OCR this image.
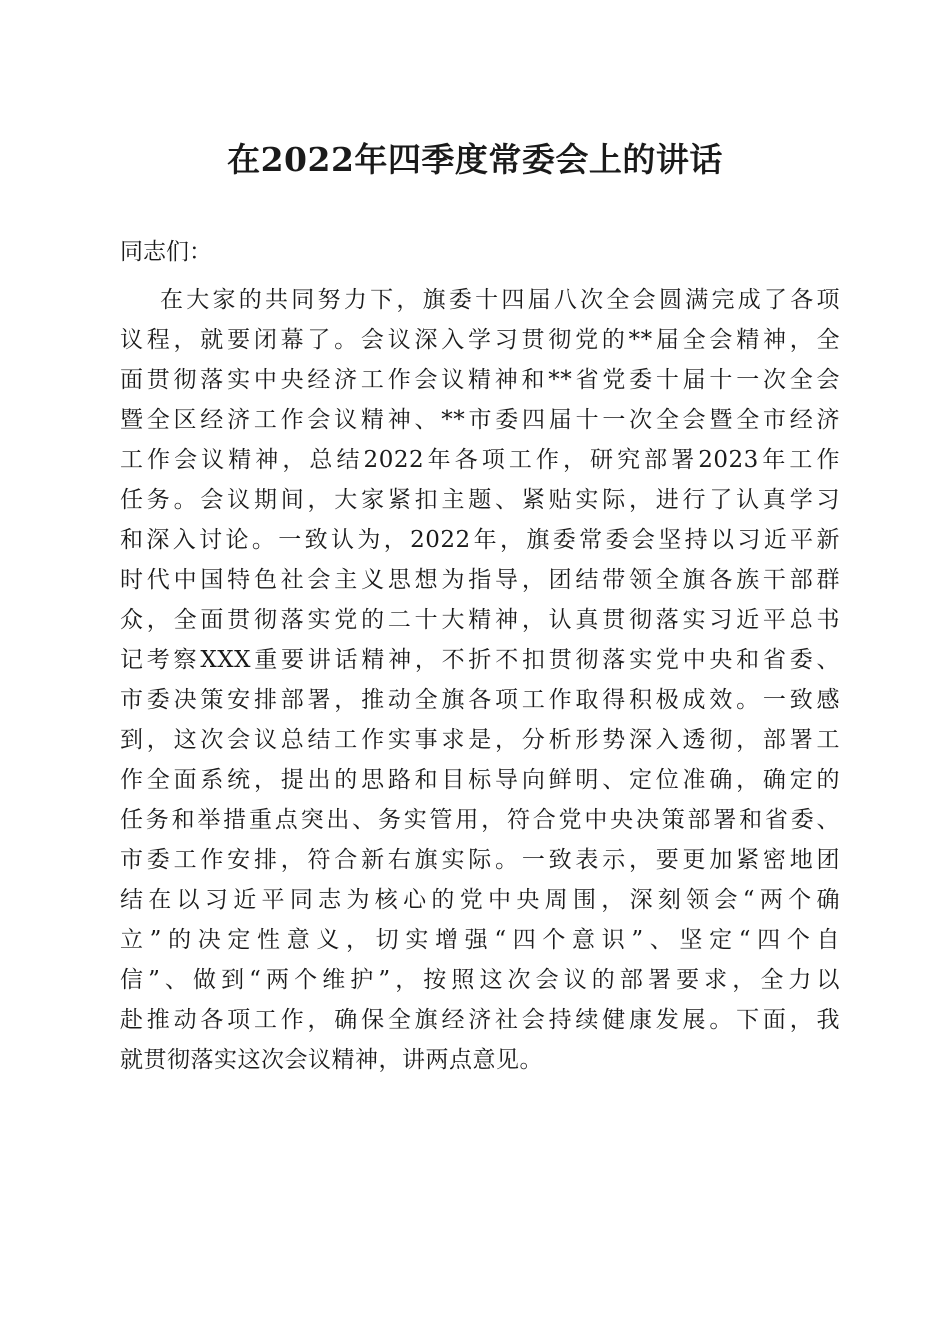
在2022年四季度常委会上的讲话

同志们：

在大家的共同努力下，旗委十四届八次全会圆满完成了各项
议程，就要闭幕了。会议深入学习贯彻党的**届全会精神，全
面贯彻落实中央经济工作会议精神和**省党委十届十一次全会
暨全区经济工作会议精神、**市委四届十一次全会暨全市经济
工作会议精神，总结2022年各项工作，研究部署2023年工作
任务。会议期间，大家紧扣主题、紧贴实际，进行了认真学习
和深入讨论。一致认为，2022年，旗委常委会坚持以习近平新
时代中国特色社会主义思想为指导，团结带领全旗各族干部群
众，全面贯彻落实党的二十大精神，认真贯彻落实习近平总书
记考察XXX重要讲话精神，不折不扣贯彻落实党中央和省委、
市委决策安排部署，推动全旗各项工作取得积极成效。一致感
到，这次会议总结工作实事求是，分析形势深入透彻，部署工
作全面系统，提出的思路和目标导向鲜明、定位准确，确定的
任务和举措重点突出、务实管用，符合党中央决策部署和省委、
市委工作安排，符合新右旗实际。一致表示，要更加紧密地团
结在以习近平同志为核心的党中央周围，深刻领会“两个确
立”的决定性意义，切实增强“四个意识”、坚定“四个自
信”、做到“两个维护”，按照这次会议的部署要求，全力以
赴推动各项工作，确保全旗经济社会持续健康发展。下面，我
就贯彻落实这次会议精神，讲两点意见。
